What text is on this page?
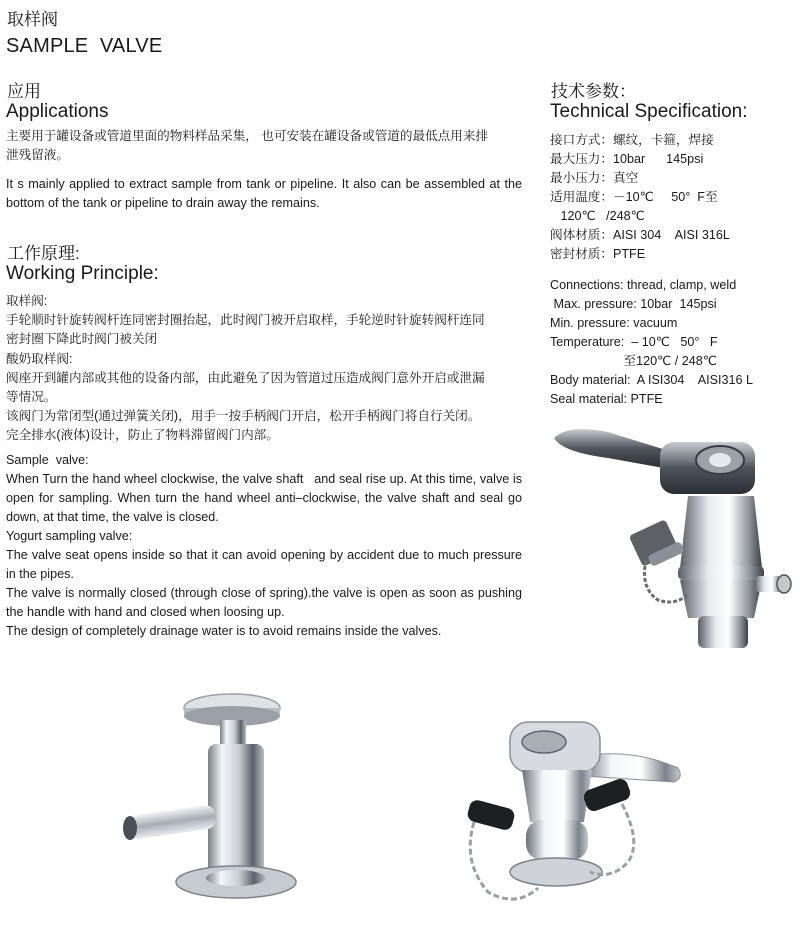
取样阀
SAMPLE  VALVE
应用
Applications
主要用于罐设备或管道里面的物料样品采集， 也可安装在罐设备或管道的最低点用来排
泄残留液。
It s mainly applied to extract sample from tank or pipeline. It also can be assembled at the bottom of the tank or pipeline to drain away the remains.
工作原理:
Working Principle:
取样阀:
手轮顺时针旋转阀杆连同密封圈抬起，此时阀门被开启取样，手轮逆时针旋转阀杆连同
密封圈下降此时阀门被关闭
酸奶取样阀:
阀座开到罐内部或其他的设备内部，由此避免了因为管道过压造成阀门意外开启或泄漏
等情况。
该阀门为常闭型(通过弹簧关闭)，用手一按手柄阀门开启，松开手柄阀门将自行关闭。
完全排水(液体)设计，防止了物料滞留阀门内部。
Sample  valve:
When Turn the hand wheel clockwise, the valve shaft   and seal rise up. At this time, valve is open for sampling. When turn the hand wheel anti–clockwise, the valve shaft and seal go down, at that time, the valve is closed.
Yogurt sampling valve:
The valve seat opens inside so that it can avoid opening by accident due to much pressure in the pipes.
The valve is normally closed (through close of spring).the valve is open as soon as pushing the handle with hand and closed when loosing up.
The design of completely drainage water is to avoid remains inside the valves.
技术参数：
Technical Specification:
接口方式：螺纹，卡箍，焊接
最大压力：10bar      145psi
最小压力：真空
适用温度：－10℃     50°  F至
120℃   /248℃
阀体材质：AISI 304    AISI 316L
密封材质：PTFE
Connections: thread, clamp, weld
Max. pressure: 10bar  145psi
Min. pressure: vacuum
Temperature:  – 10℃   50°   F
至120℃ / 248℃
Body material:  A ISI304    AISI316 L
Seal material: PTFE
